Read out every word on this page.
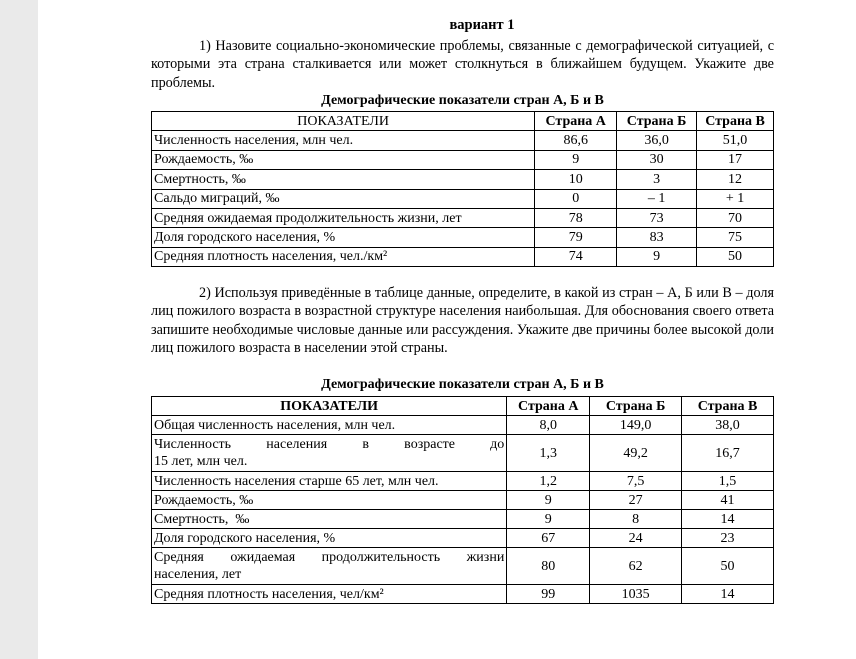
вариант 1
1) Назовите социально-экономические проблемы, связанные с демографической ситуацией, с которыми эта страна сталкивается или может столкнуться в ближайшем будущем. Укажите две проблемы.
Демографические показатели стран А, Б и В
ПОКАЗАТЕЛИ	Страна А	Страна Б	Страна В
Численность населения, млн чел.	86,6	36,0	51,0
Рождаемость, ‰	9	30	17
Смертность, ‰	10	3	12
Сальдо миграций, ‰	0	– 1	+ 1
Средняя ожидаемая продолжительность жизни, лет	78	73	70
Доля городского населения, %	79	83	75
Средняя плотность населения, чел./км²	74	9	50
2) Используя приведённые в таблице данные, определите, в какой из стран – А, Б или В – доля лиц пожилого возраста в возрастной структуре населения наибольшая. Для обоснования своего ответа запишите необходимые числовые данные или рассуждения. Укажите две причины более высокой доли лиц пожилого возраста в населении этой страны.
Демографические показатели стран А, Б и В
ПОКАЗАТЕЛИ	Страна А	Страна Б	Страна В
Общая численность населения, млн чел.	8,0	149,0	38,0

Численность населения в возрасте до
15 лет, млн чел.	1,3	49,2	16,7
Численность населения старше 65 лет, млн чел.	1,2	7,5	1,5
Рождаемость, ‰	9	27	41
Смертность,  ‰	9	8	14
Доля городского населения, %	67	24	23

Средняя ожидаемая продолжительность жизни
населения, лет	80	62	50
Средняя плотность населения, чел/км²	99	1035	14
